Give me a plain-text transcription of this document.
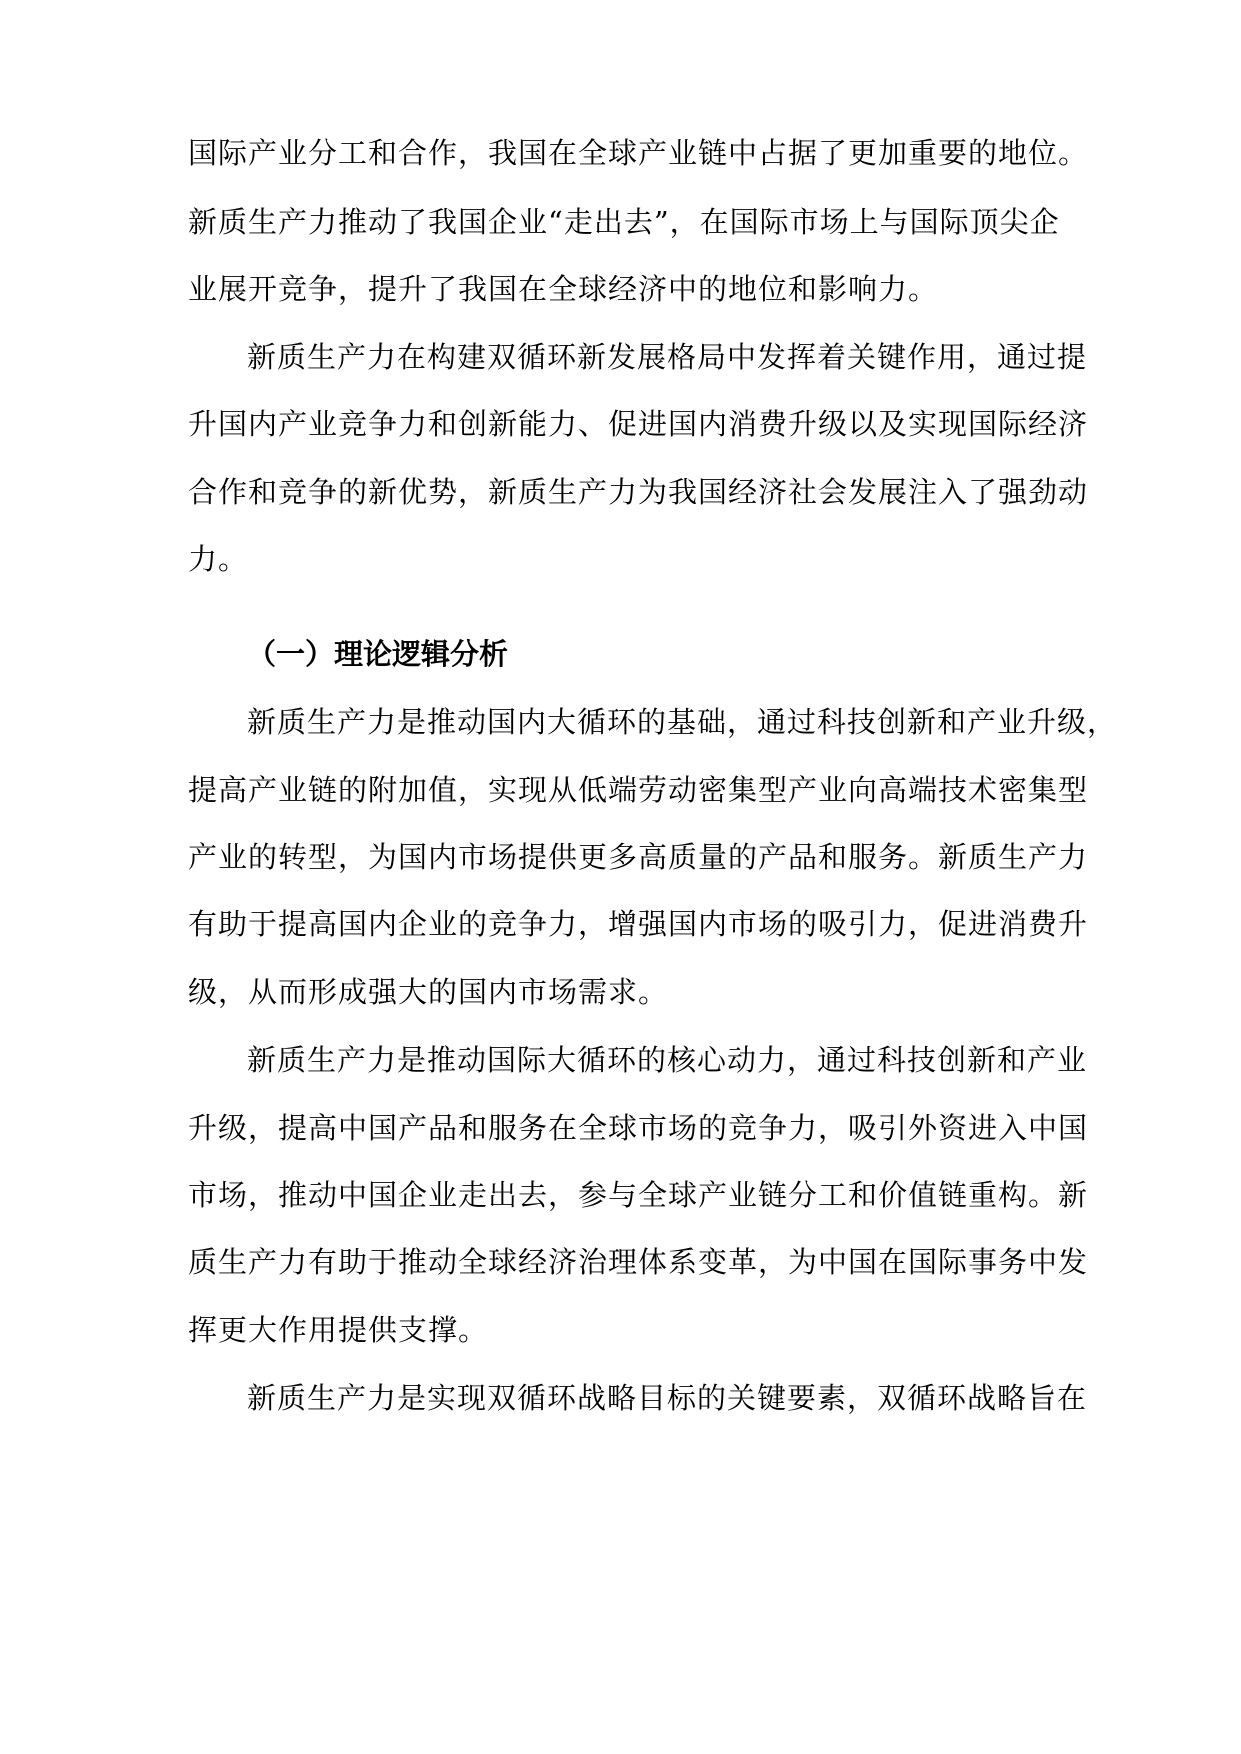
国际产业分工和合作，我国在全球产业链中占据了更加重要的地位。
新质生产力推动了我国企业“走出去”，在国际市场上与国际顶尖企
业展开竞争，提升了我国在全球经济中的地位和影响力。
新质生产力在构建双循环新发展格局中发挥着关键作用，通过提
升国内产业竞争力和创新能力、促进国内消费升级以及实现国际经济
合作和竞争的新优势，新质生产力为我国经济社会发展注入了强劲动
力。
（一）理论逻辑分析
新质生产力是推动国内大循环的基础，通过科技创新和产业升级，
提高产业链的附加值，实现从低端劳动密集型产业向高端技术密集型
产业的转型，为国内市场提供更多高质量的产品和服务。新质生产力
有助于提高国内企业的竞争力，增强国内市场的吸引力，促进消费升
级，从而形成强大的国内市场需求。
新质生产力是推动国际大循环的核心动力，通过科技创新和产业
升级，提高中国产品和服务在全球市场的竞争力，吸引外资进入中国
市场，推动中国企业走出去，参与全球产业链分工和价值链重构。新
质生产力有助于推动全球经济治理体系变革，为中国在国际事务中发
挥更大作用提供支撑。
新质生产力是实现双循环战略目标的关键要素，双循环战略旨在
